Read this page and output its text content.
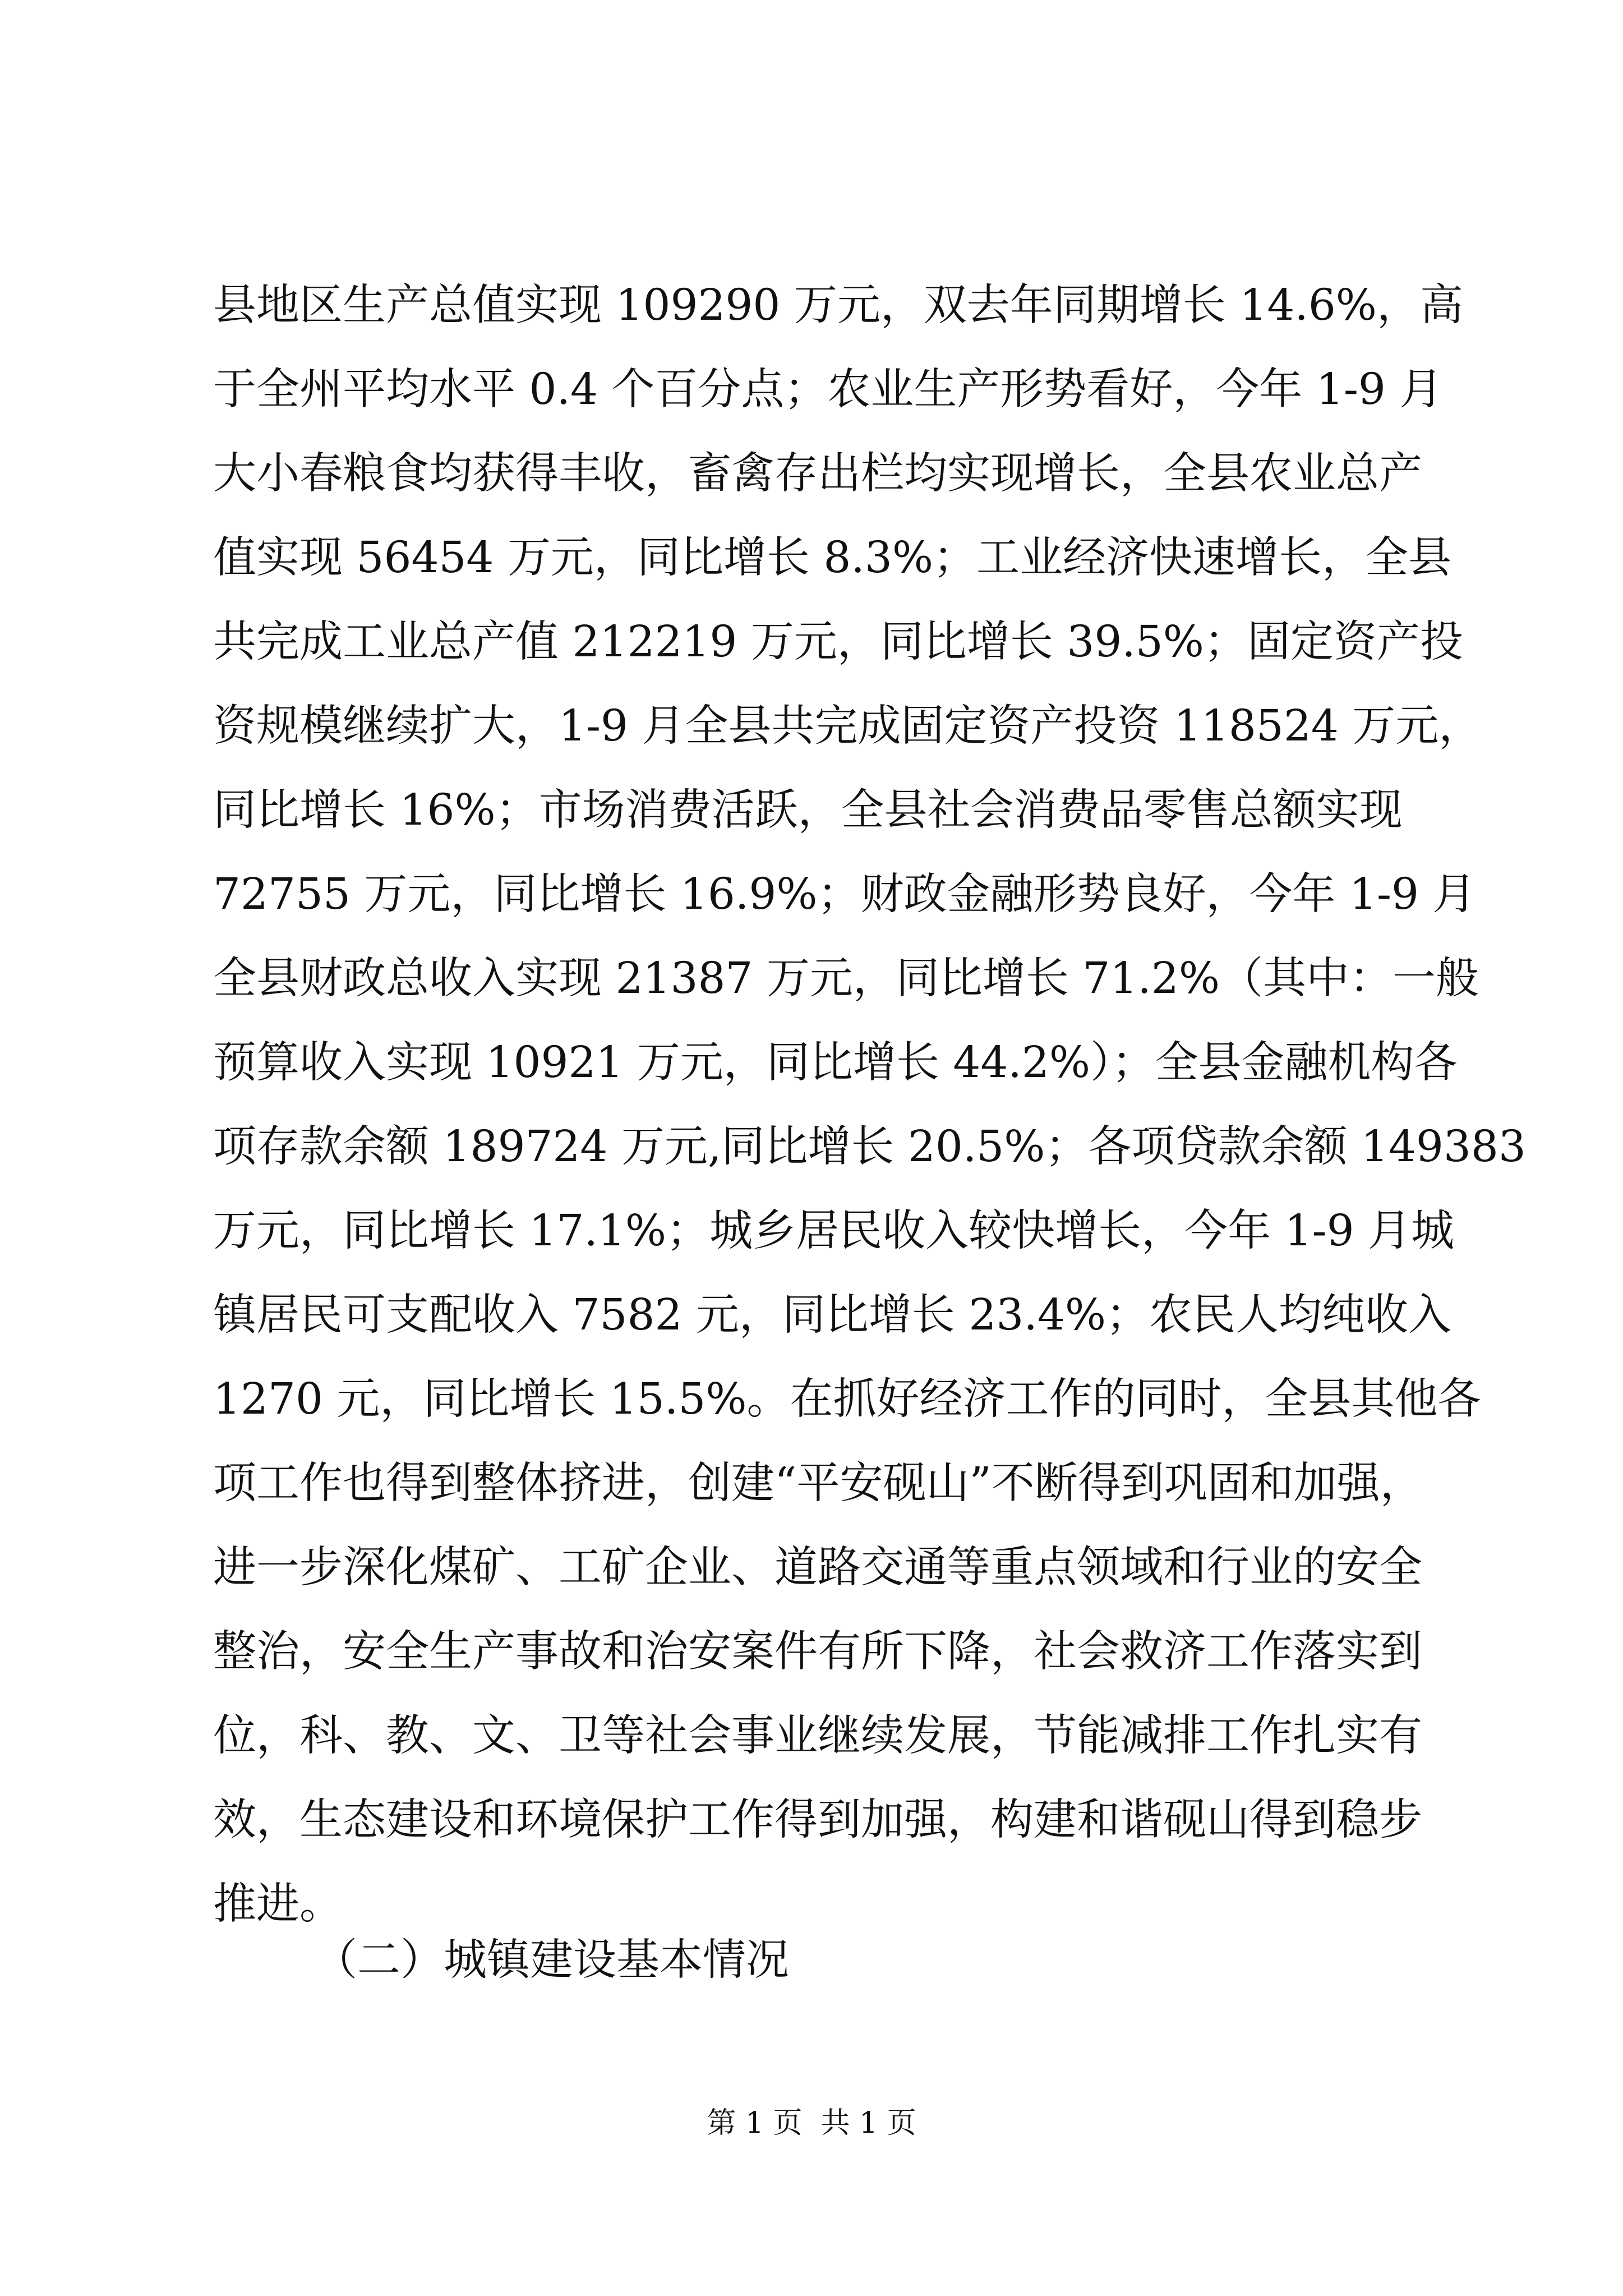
县地区生产总值实现 109290 万元，双去年同期增长 14.6%，高
于全州平均水平 0.4 个百分点；农业生产形势看好，今年 1-9 月
大小春粮食均获得丰收，畜禽存出栏均实现增长，全县农业总产
值实现 56454 万元，同比增长 8.3%；工业经济快速增长，全县
共完成工业总产值 212219 万元，同比增长 39.5%；固定资产投
资规模继续扩大，1-9 月全县共完成固定资产投资 118524 万元，
同比增长 16%；市场消费活跃，全县社会消费品零售总额实现
72755 万元，同比增长 16.9%；财政金融形势良好，今年 1-9 月
全县财政总收入实现 21387 万元，同比增长 71.2%（其中：一般
预算收入实现 10921 万元，同比增长 44.2%）；全县金融机构各
项存款余额 189724 万元,同比增长 20.5%；各项贷款余额 149383
万元，同比增长 17.1%；城乡居民收入较快增长，今年 1-9 月城
镇居民可支配收入 7582 元，同比增长 23.4%；农民人均纯收入
1270 元，同比增长 15.5%。在抓好经济工作的同时，全县其他各
项工作也得到整体挤进，创建“平安砚山”不断得到巩固和加强，
进一步深化煤矿、工矿企业、道路交通等重点领域和行业的安全
整治，安全生产事故和治安案件有所下降，社会救济工作落实到
位，科、教、文、卫等社会事业继续发展，节能减排工作扎实有
效，生态建设和环境保护工作得到加强，构建和谐砚山得到稳步
推进。
（二）城镇建设基本情况
第 1 页  共 1 页
